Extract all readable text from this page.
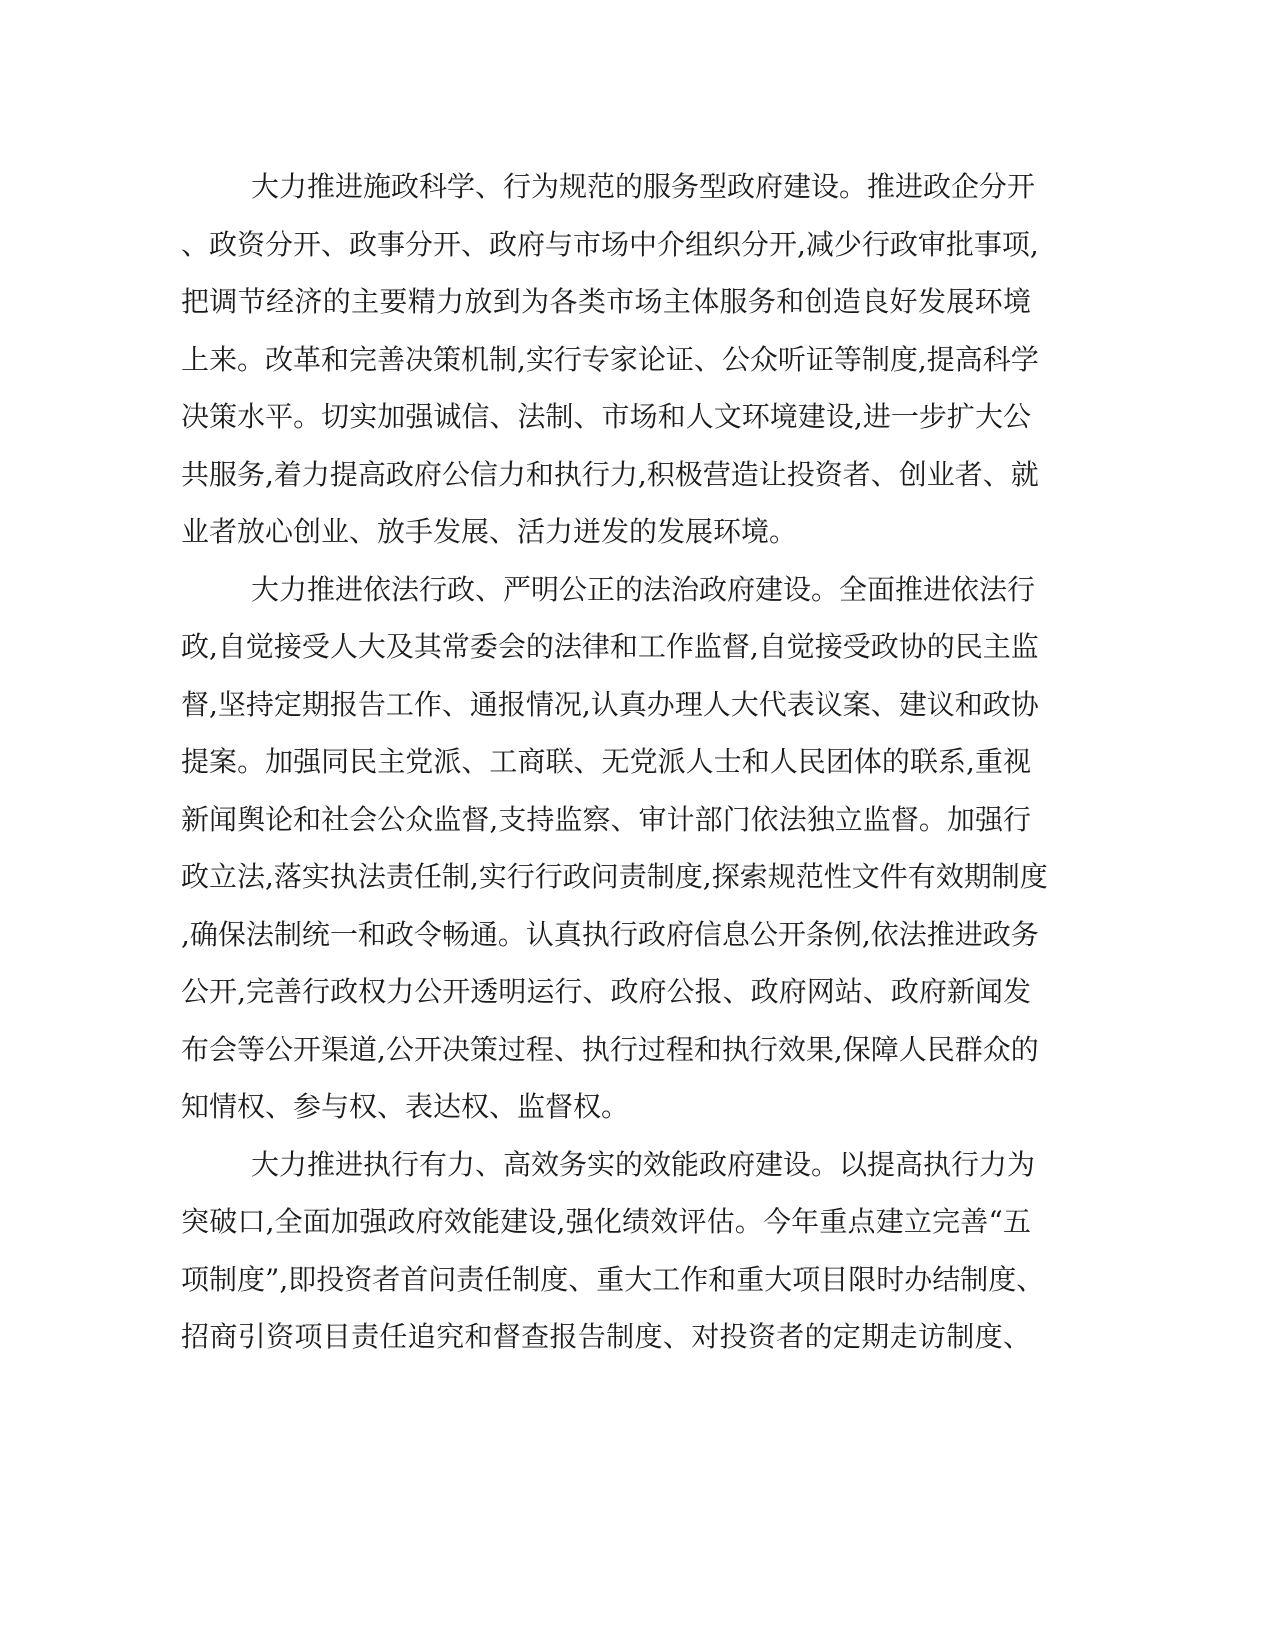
大力推进施政科学、行为规范的服务型政府建设。推进政企分开
、政资分开、政事分开、政府与市场中介组织分开,减少行政审批事项,
把调节经济的主要精力放到为各类市场主体服务和创造良好发展环境
上来。改革和完善决策机制,实行专家论证、公众听证等制度,提高科学
决策水平。切实加强诚信、法制、市场和人文环境建设,进一步扩大公
共服务,着力提高政府公信力和执行力,积极营造让投资者、创业者、就
业者放心创业、放手发展、活力迸发的发展环境。
大力推进依法行政、严明公正的法治政府建设。全面推进依法行
政,自觉接受人大及其常委会的法律和工作监督,自觉接受政协的民主监
督,坚持定期报告工作、通报情况,认真办理人大代表议案、建议和政协
提案。加强同民主党派、工商联、无党派人士和人民团体的联系,重视
新闻舆论和社会公众监督,支持监察、审计部门依法独立监督。加强行
政立法,落实执法责任制,实行行政问责制度,探索规范性文件有效期制度
,确保法制统一和政令畅通。认真执行政府信息公开条例,依法推进政务
公开,完善行政权力公开透明运行、政府公报、政府网站、政府新闻发
布会等公开渠道,公开决策过程、执行过程和执行效果,保障人民群众的
知情权、参与权、表达权、监督权。
大力推进执行有力、高效务实的效能政府建设。以提高执行力为
突破口,全面加强政府效能建设,强化绩效评估。今年重点建立完善“五
项制度”,即投资者首问责任制度、重大工作和重大项目限时办结制度、
招商引资项目责任追究和督查报告制度、对投资者的定期走访制度、
